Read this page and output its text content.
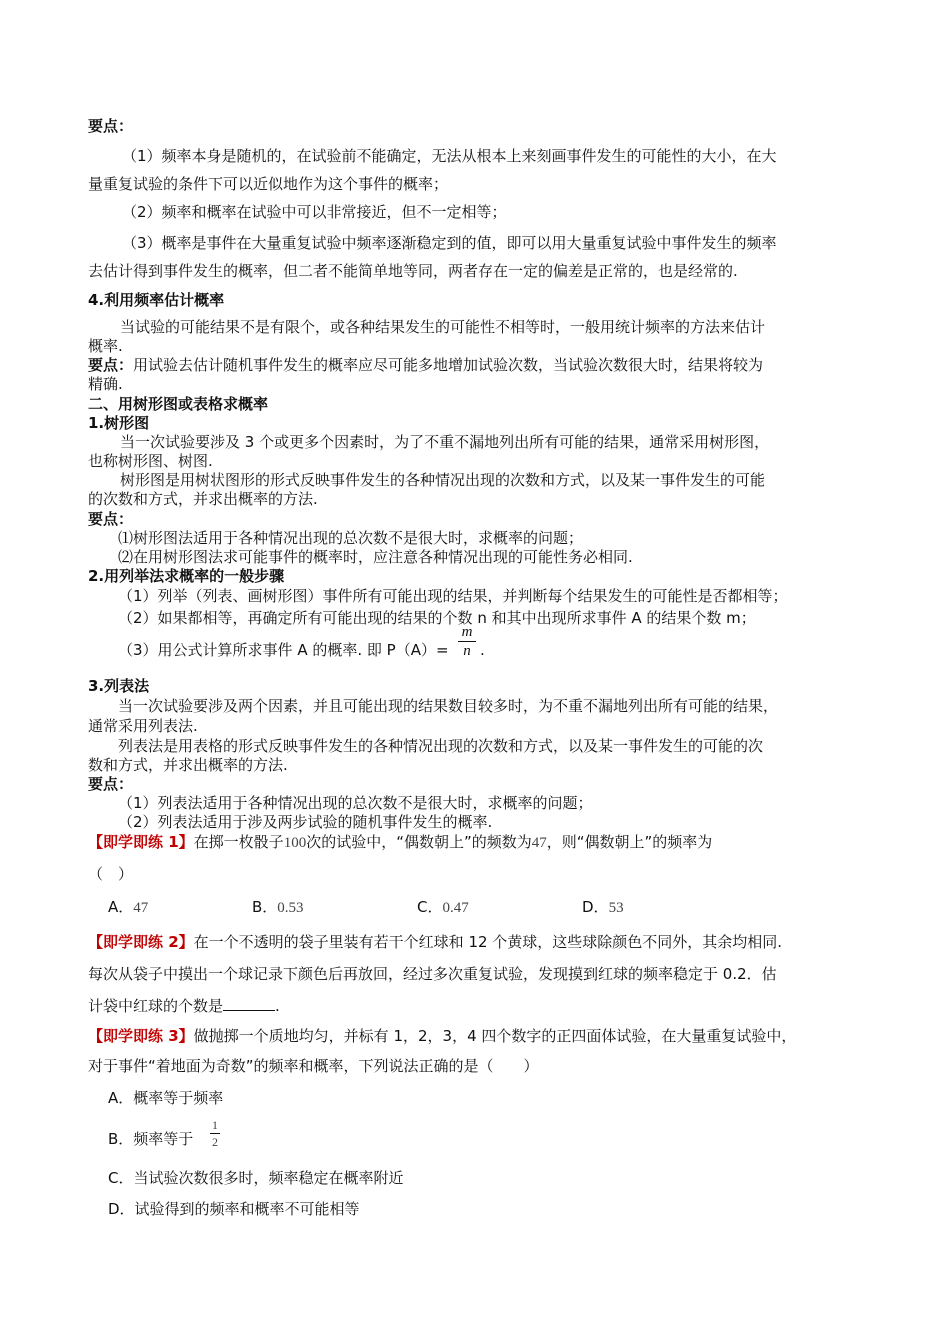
要点：
（1）频率本身是随机的，在试验前不能确定，无法从根本上来刻画事件发生的可能性的大小，在大
量重复试验的条件下可以近似地作为这个事件的概率；
（2）频率和概率在试验中可以非常接近，但不一定相等；
（3）概率是事件在大量重复试验中频率逐渐稳定到的值，即可以用大量重复试验中事件发生的频率
去估计得到事件发生的概率，但二者不能简单地等同，两者存在一定的偏差是正常的，也是经常的.
4.利用频率估计概率
当试验的可能结果不是有限个，或各种结果发生的可能性不相等时，一般用统计频率的方法来估计
概率.
要点：用试验去估计随机事件发生的概率应尽可能多地增加试验次数，当试验次数很大时，结果将较为
精确.
二、用树形图或表格求概率
1.树形图
当一次试验要涉及 3 个或更多个因素时，为了不重不漏地列出所有可能的结果，通常采用树形图，
也称树形图、树图.
树形图是用树状图形的形式反映事件发生的各种情况出现的次数和方式，以及某一事件发生的可能
的次数和方式，并求出概率的方法.
要点：
⑴树形图法适用于各种情况出现的总次数不是很大时，求概率的问题；
⑵在用树形图法求可能事件的概率时，应注意各种情况出现的可能性务必相同.
2.用列举法求概率的一般步骤
（1）列举（列表、画树形图）事件所有可能出现的结果，并判断每个结果发生的可能性是否都相等；
（2）如果都相等，再确定所有可能出现的结果的个数 n 和其中出现所求事件 A 的结果个数 m；
（3）用公式计算所求事件 A 的概率. 即 P（A）=
m
n .
3.列表法
当一次试验要涉及两个因素，并且可能出现的结果数目较多时，为不重不漏地列出所有可能的结果，
通常采用列表法.
列表法是用表格的形式反映事件发生的各种情况出现的次数和方式，以及某一事件发生的可能的次
数和方式，并求出概率的方法.
要点：
（1）列表法适用于各种情况出现的总次数不是很大时，求概率的问题；
（2）列表法适用于涉及两步试验的随机事件发生的概率.
【即学即练 1】在掷一枚骰子100次的试验中，“偶数朝上”的频数为47，则“偶数朝上”的频率为
（　）
A．47	B．0.53	C．0.47	D．53
【即学即练 2】在一个不透明的袋子里装有若干个红球和 12 个黄球，这些球除颜色不同外，其余均相同.
每次从袋子中摸出一个球记录下颜色后再放回，经过多次重复试验，发现摸到红球的频率稳定于 0.2．估
计袋中红球的个数是	.
【即学即练 3】做抛掷一个质地均匀，并标有 1，2，3，4 四个数字的正四面体试验，在大量重复试验中，
对于事件“着地面为奇数”的频率和概率，下列说法正确的是（　　）
A．概率等于频率
B．频率等于
1
2
C．当试验次数很多时，频率稳定在概率附近
D．试验得到的频率和概率不可能相等
